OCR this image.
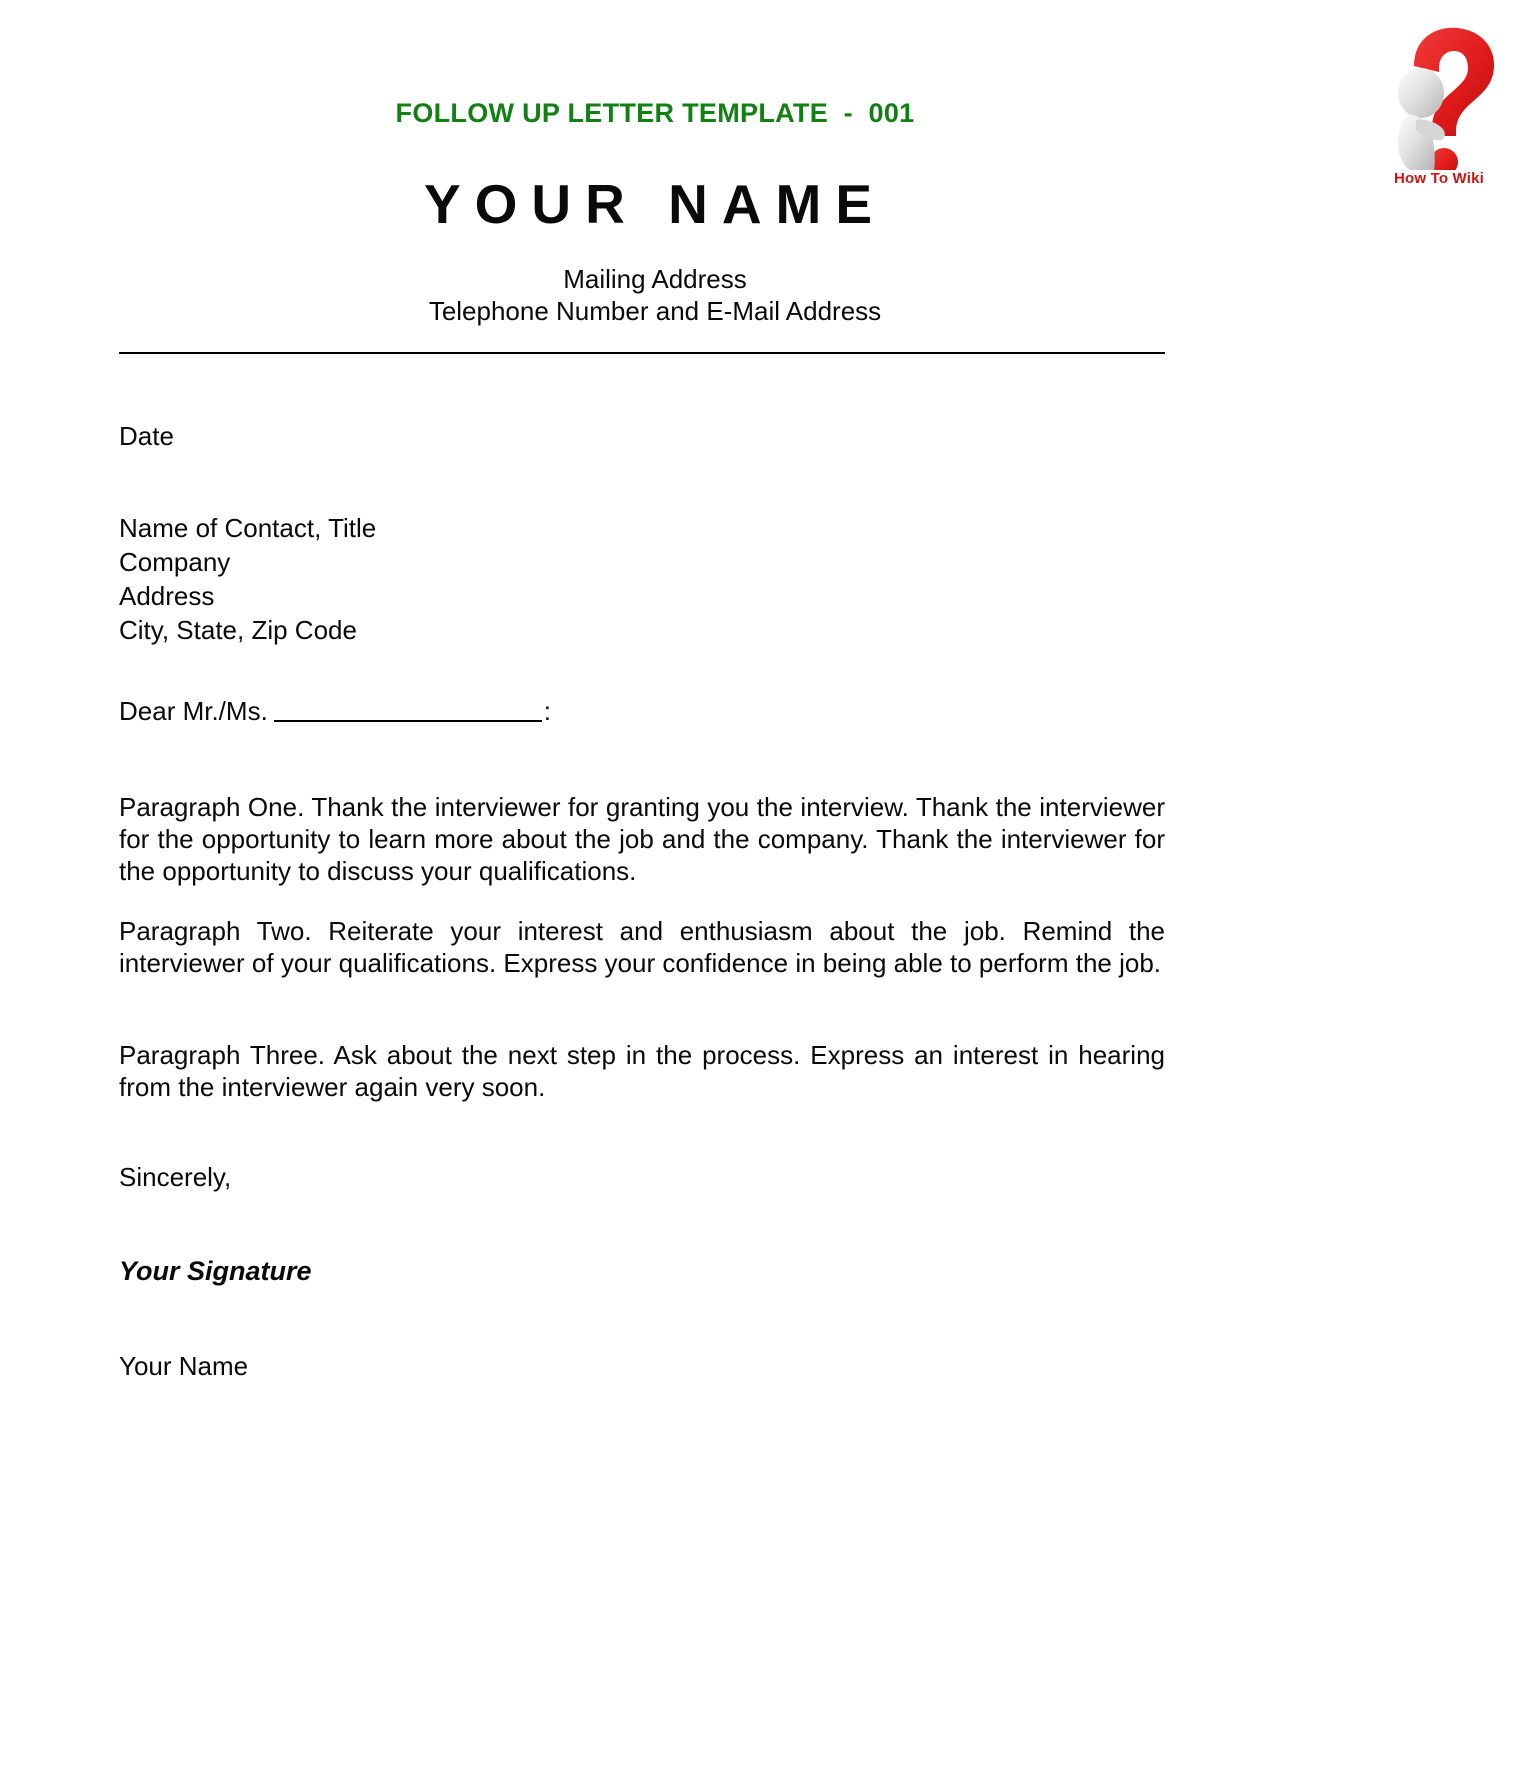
How To Wiki
FOLLOW UP LETTER TEMPLATE  -  001
YOUR NAME
Mailing Address
Telephone Number and E-Mail Address
Date
Name of Contact, Title
Company
Address
City, State, Zip Code
Dear Mr./Ms.	:
Paragraph One. Thank the interviewer for granting you the interview. Thank the interviewer for the opportunity to learn more about the job and the company. Thank the interviewer for the opportunity to discuss your qualifications.
Paragraph Two. Reiterate your interest and enthusiasm about the job. Remind the interviewer of your qualifications. Express your confidence in being able to perform the job.
Paragraph Three. Ask about the next step in the process. Express an interest in hearing from the interviewer again very soon.
Sincerely,
Your Signature
Your Name
